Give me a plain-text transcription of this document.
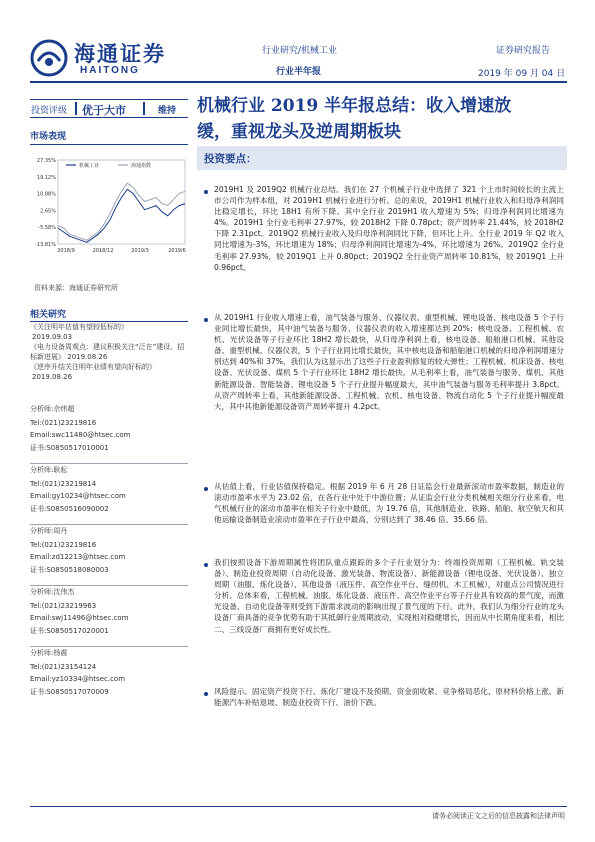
海通证券
HAITONG
行业研究/机械工业
行业半年报
证券研究报告
2019 年 09 月 04 日
投资评级 优于大市	维持
市场表现
27.35%
19.12%
10.88%
2.65%
-5.58%
-13.81%
2018/9	2018/12	2019/3	2019/6
机械工业	海通指数
资料来源：海通证券研究所
相关研究
《关注明年估值有望较低标的》
2019.09.03
《电力设备周观点：建议积极关注“泛在”建设、招标新进展》 2019.08.26
《逆序升结关注明年业绩有望向好标的》
2019.08.26
分析师:佘炜超
Tel:(021)23219816
Email:swc11480@htsec.com
证书:S0850517010001
分析师:耿耘
Tel:(021)23219814
Email:gy10234@htsec.com
证书:S0850516090002
分析师:周丹
Tel:(021)23219816
Email:zd12213@htsec.com
证书:S0850518080003
分析师:沈伟杰
Tel:(021)23219963
Email:swj11496@htsec.com
证书:S0850517020001
分析师:杨震
Tel:(021)23154124
Email:yz10334@htsec.com
证书:S0850517070009
机械行业 2019 半年报总结：收入增速放
缓，重视龙头及逆周期板块
投资要点：
2019H1 及 2019Q2 机械行业总结。我们在 27 个机械子行业中选择了 321 个上市时间较长的主流上市公司作为样本组，对 2019H1 机械行业进行分析。总的来说，2019H1 机械行业收入和归母净利润同比稳定增长，环比 18H1 有所下降。其中全行业 2019H1 收入增速为 5%；归母净利润同比增速为 4%。2019H1 全行业毛利率 27.97%，较 2018H2 下降 0.78pct；资产周转率 21.44%，较 2018H2 下降 2.31pct。2019Q2 机械行业收入及归母净利润同比下降，但环比上升。全行业 2019 年 Q2 收入同比增速为-3%，环比增速为 18%；归母净利润同比增速为-4%，环比增速为 26%。2019Q2 全行业毛利率 27.93%，较 2019Q1 上升 0.80pct；2019Q2 全行业资产周转率 10.81%，较 2019Q1 上升 0.96pct。
从 2019H1 行业收入增速上看，油气装备与服务、仪器仪表、重型机械、锂电设备、核电设备 5 个子行业同比增长最快，其中油气装备与服务、仪器仪表的收入增速都达到 20%；核电设备、工程机械、农机、光伏设备等子行业环比 18H2 增长最快，从归母净利润上看，核电设备、船舶港口机械、其他设备、重型机械、仪器仪表，5 个子行业同比增长最快，其中核电设备和船舶港口机械的归母净利润增速分别达到 40%和 37%，我们认为这显示出了这些子行业盈利修复的较大弹性；工程机械、机床设备、核电设备、光伏设备、煤机 5 个子行业环比 18H2 增长最快。从毛利率上看，油气装备与服务、煤机、其他新能源设备、智能装备、锂电设备 5 个子行业提升幅度最大，其中油气装备与服务毛利率提升 3.8pct。从资产周转率上看，其他新能源设备、工程机械、农机、核电设备、物流自动化 5 个子行业提升幅度最大，其中其他新能源设备资产周转率提升 4.2pct。
从估值上看，行业估值保持稳定。根据 2019 年 6 月 28 日证监会行业最新滚动市盈率数据，制造业的滚动市盈率水平为 23.02 倍，在各行业中处于中游位置；从证监会行业分类机械相关细分行业来看，电气机械行业的滚动市盈率在相关子行业中最低，为 19.76 倍，其他制造业、铁路、船舶、航空航天和其他运输设备制造业滚动市盈率在子行业中最高，分别达到了 38.46 倍、35.66 倍。
我们按照设备下游周期属性将团队重点跟踪的多个子行业划分为：终端投资周期（工程机械、轨交装备）、制造业投资周期（自动化设备、激光装备、物流设备）、新能源设备（锂电设备、光伏设备）、独立周期（油服、炼化设备）、其他设备（液压件、高空作业平台、缝纫机、木工机械），对重点公司情况进行分析。总体来看，工程机械、油服、炼化设备、液压件、高空作业平台等子行业具有较高的景气度，而激光设备、自动化设备等则受到下游需求波动的影响出现了景气度的下行。此外，我们认为细分行业的龙头设备厂商具备的竞争优势有助于其抵御行业周期波动，实现相对稳健增长，因而从中长期角度来看，相比二、三线设备厂商拥有更好成长性。
风险提示。固定资产投资下行、炼化厂建设不及预期、资金面收紧、竞争格局恶化、原材料价格上涨、新能源汽车补贴退坡、制造业投资下行、油价下跌。
请务必阅读正文之后的信息披露和法律声明
